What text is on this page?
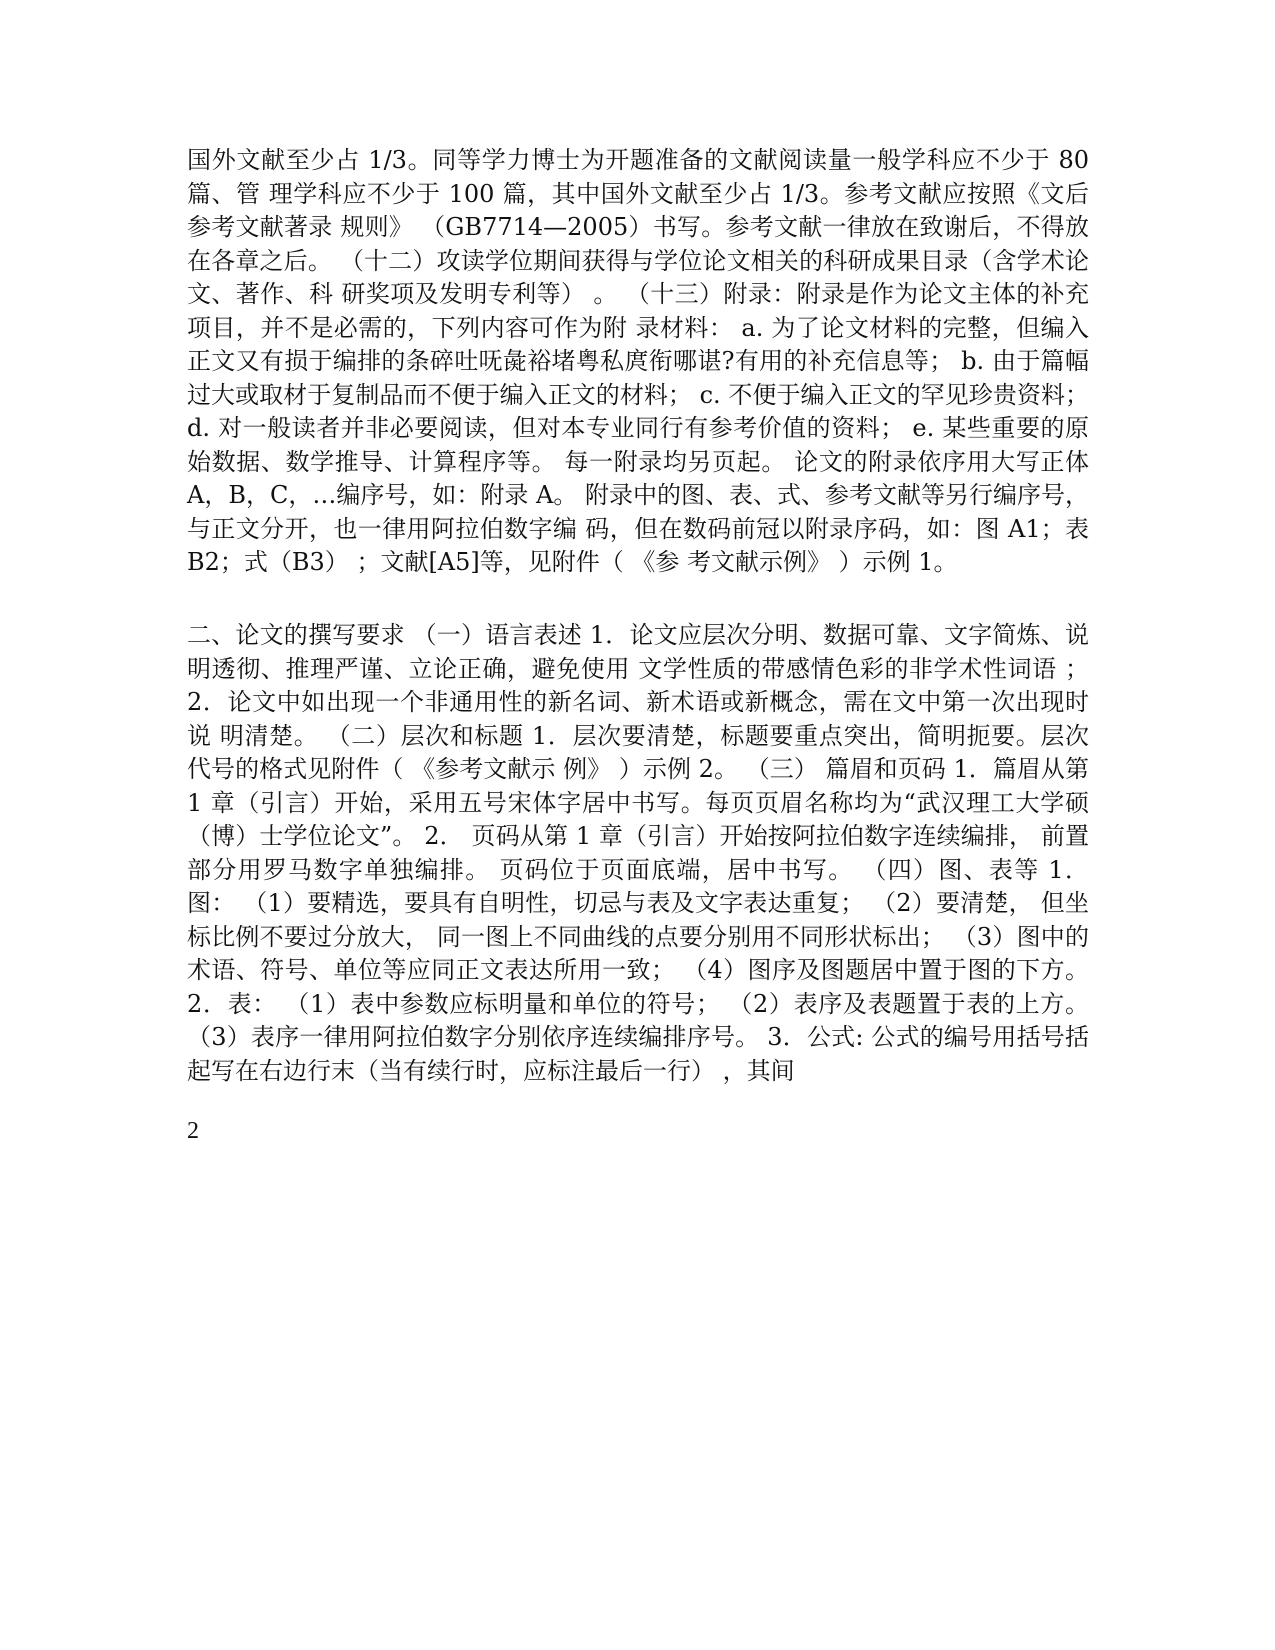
国外文献至少占 1/3。同等学力博士为开题准备的文献阅读量一般学科应不少于 80 篇、管 理学科应不少于 100 篇，其中国外文献至少占 1/3。参考文献应按照《文后参考文献著录 规则》 （GB7714—2005）书写。参考文献一律放在致谢后，不得放在各章之后。 （十二）攻读学位期间获得与学位论文相关的科研成果目录（含学术论文、著作、科 研奖项及发明专利等） 。 （十三）附录：附录是作为论文主体的补充项目，并不是必需的，下列内容可作为附 录材料： a. 为了论文材料的完整，但编入正文又有损于编排的条碎吐呒彘裕堵粤私庹衔哪谌?有用的补充信息等； b. 由于篇幅过大或取材于复制品而不便于编入正文的材料； c. 不便于编入正文的罕见珍贵资料； d. 对一般读者并非必要阅读，但对本专业同行有参考价值的资料； e. 某些重要的原始数据、数学推导、计算程序等。 每一附录均另页起。 论文的附录依序用大写正体 A，B，C，…编序号，如：附录 A。 附录中的图、表、式、参考文献等另行编序号，与正文分开，也一律用阿拉伯数字编 码，但在数码前冠以附录序码，如：图 A1；表 B2；式（B3） ；文献[A5]等，见附件（ 《参 考文献示例》 ）示例 1。

二、论文的撰写要求 （一）语言表述 1．论文应层次分明、数据可靠、文字简炼、说明透彻、推理严谨、立论正确，避免使用 文学性质的带感情色彩的非学术性词语 ； 2．论文中如出现一个非通用性的新名词、新术语或新概念，需在文中第一次出现时说 明清楚。 （二）层次和标题 1．层次要清楚，标题要重点突出，简明扼要。层次代号的格式见附件（ 《参考文献示 例》 ）示例 2。 （三） 篇眉和页码 1．篇眉从第 1 章（引言）开始，采用五号宋体字居中书写。每页页眉名称均为“武汉理工大学硕（博）士学位论文”。 2． 页码从第 1 章（引言）开始按阿拉伯数字连续编排， 前置部分用罗马数字单独编排。 页码位于页面底端，居中书写。 （四）图、表等 1．图： （1）要精选，要具有自明性，切忌与表及文字表达重复； （2）要清楚， 但坐标比例不要过分放大， 同一图上不同曲线的点要分别用不同形状标出； （3）图中的术语、符号、单位等应同正文表达所用一致； （4）图序及图题居中置于图的下方。 2．表： （1）表中参数应标明量和单位的符号； （2）表序及表题置于表的上方。 （3）表序一律用阿拉伯数字分别依序连续编排序号。 3．公式: 公式的编号用括号括起写在右边行末（当有续行时，应标注最后一行） ，其间

2
